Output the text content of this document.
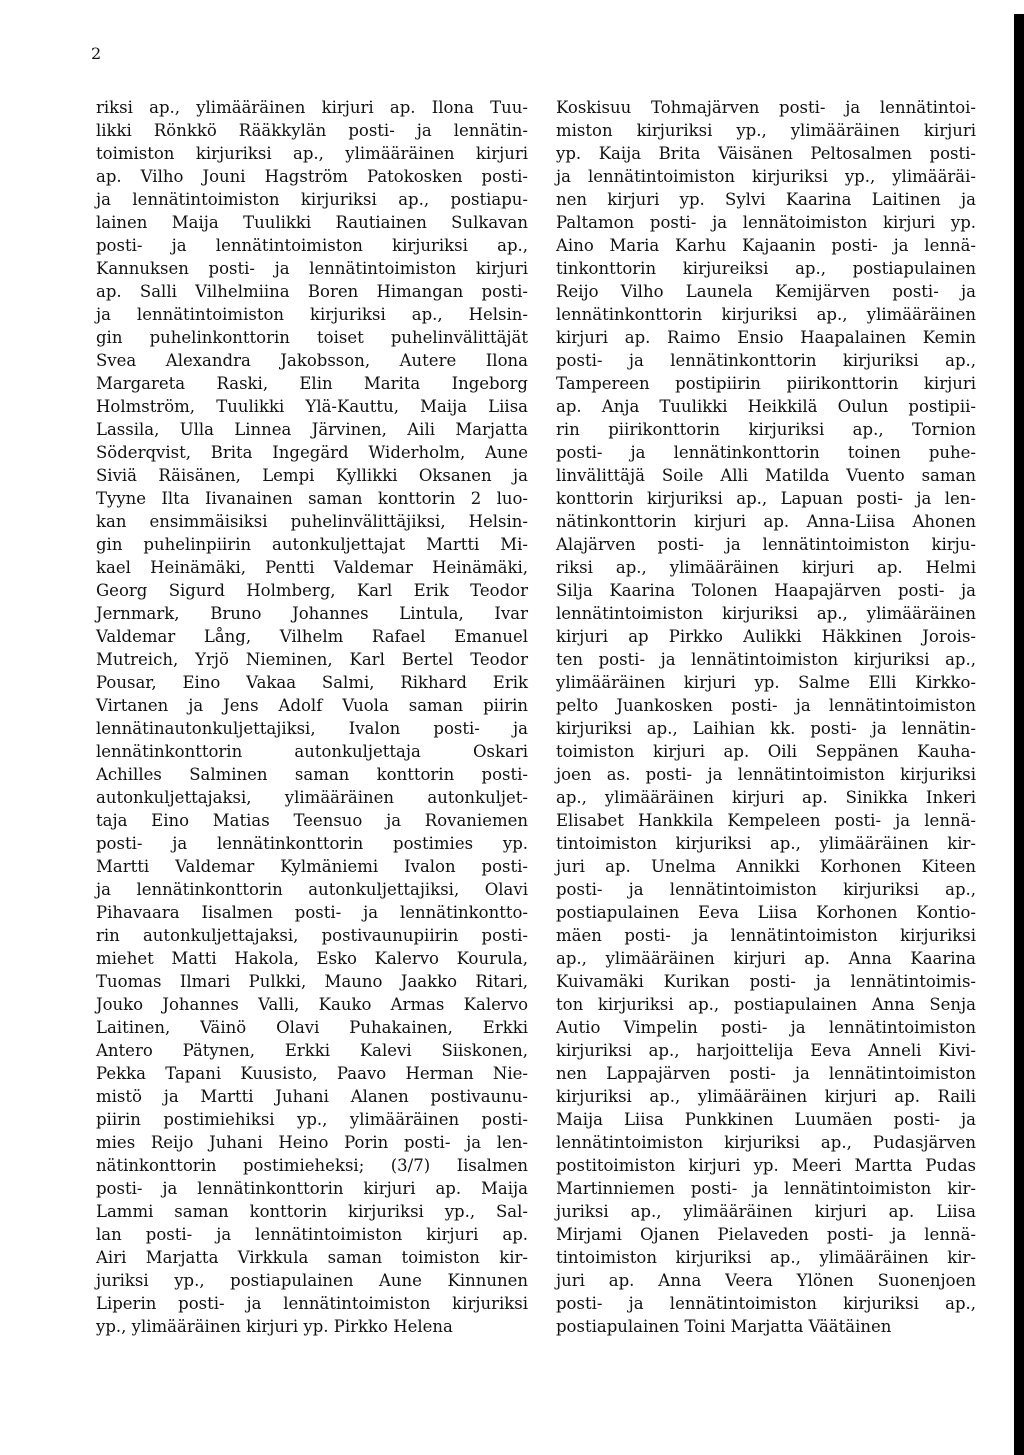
2
riksi ap., ylimääräinen kirjuri ap. Ilona Tuu-
likki Rönkkö Rääkkylän posti- ja lennätin-
toimiston kirjuriksi ap., ylimääräinen kirjuri
ap. Vilho Jouni Hagström Patokosken posti-
ja lennätintoimiston kirjuriksi ap., postiapu-
lainen Maija Tuulikki Rautiainen Sulkavan
posti- ja lennätintoimiston kirjuriksi ap.,
Kannuksen posti- ja lennätintoimiston kirjuri
ap. Salli Vilhelmiina Boren Himangan posti-
ja lennätintoimiston kirjuriksi ap., Helsin-
gin puhelinkonttorin toiset puhelinvälittäjät
Svea Alexandra Jakobsson, Autere Ilona
Margareta Raski, Elin Marita Ingeborg
Holmström, Tuulikki Ylä-Kauttu, Maija Liisa
Lassila, Ulla Linnea Järvinen, Aili Marjatta
Söderqvist, Brita Ingegärd Widerholm, Aune
Siviä Räisänen, Lempi Kyllikki Oksanen ja
Tyyne Ilta Iivanainen saman konttorin 2 luo-
kan ensimmäisiksi puhelinvälittäjiksi, Helsin-
gin puhelinpiirin autonkuljettajat Martti Mi-
kael Heinämäki, Pentti Valdemar Heinämäki,
Georg Sigurd Holmberg, Karl Erik Teodor
Jernmark, Bruno Johannes Lintula, Ivar
Valdemar Lång, Vilhelm Rafael Emanuel
Mutreich, Yrjö Nieminen, Karl Bertel Teodor
Pousar, Eino Vakaa Salmi, Rikhard Erik
Virtanen ja Jens Adolf Vuola saman piirin
lennätinautonkuljettajiksi, Ivalon posti- ja
lennätinkonttorin autonkuljettaja Oskari
Achilles Salminen saman konttorin posti-
autonkuljettajaksi, ylimääräinen autonkuljet-
taja Eino Matias Teensuo ja Rovaniemen
posti- ja lennätinkonttorin postimies yp.
Martti Valdemar Kylmäniemi Ivalon posti-
ja lennätinkonttorin autonkuljettajiksi, Olavi
Pihavaara Iisalmen posti- ja lennätinkontto-
rin autonkuljettajaksi, postivaunupiirin posti-
miehet Matti Hakola, Esko Kalervo Kourula,
Tuomas Ilmari Pulkki, Mauno Jaakko Ritari,
Jouko Johannes Valli, Kauko Armas Kalervo
Laitinen, Väinö Olavi Puhakainen, Erkki
Antero Pätynen, Erkki Kalevi Siiskonen,
Pekka Tapani Kuusisto, Paavo Herman Nie-
mistö ja Martti Juhani Alanen postivaunu-
piirin postimiehiksi yp., ylimääräinen posti-
mies Reijo Juhani Heino Porin posti- ja len-
nätinkonttorin postimieheksi; (3/7) Iisalmen
posti- ja lennätinkonttorin kirjuri ap. Maija
Lammi saman konttorin kirjuriksi yp., Sal-
lan posti- ja lennätintoimiston kirjuri ap.
Airi Marjatta Virkkula saman toimiston kir-
juriksi yp., postiapulainen Aune Kinnunen
Liperin posti- ja lennätintoimiston kirjuriksi
yp., ylimääräinen kirjuri yp. Pirkko Helena
Koskisuu Tohmajärven posti- ja lennätintoi-
miston kirjuriksi yp., ylimääräinen kirjuri
yp. Kaija Brita Väisänen Peltosalmen posti-
ja lennätintoimiston kirjuriksi yp., ylimääräi-
nen kirjuri yp. Sylvi Kaarina Laitinen ja
Paltamon posti- ja lennätoimiston kirjuri yp.
Aino Maria Karhu Kajaanin posti- ja lennä-
tinkonttorin kirjureiksi ap., postiapulainen
Reijo Vilho Launela Kemijärven posti- ja
lennätinkonttorin kirjuriksi ap., ylimääräinen
kirjuri ap. Raimo Ensio Haapalainen Kemin
posti- ja lennätinkonttorin kirjuriksi ap.,
Tampereen postipiirin piirikonttorin kirjuri
ap. Anja Tuulikki Heikkilä Oulun postipii-
rin piirikonttorin kirjuriksi ap., Tornion
posti- ja lennätinkonttorin toinen puhe-
linvälittäjä Soile Alli Matilda Vuento saman
konttorin kirjuriksi ap., Lapuan posti- ja len-
nätinkonttorin kirjuri ap. Anna-Liisa Ahonen
Alajärven posti- ja lennätintoimiston kirju-
riksi ap., ylimääräinen kirjuri ap. Helmi
Silja Kaarina Tolonen Haapajärven posti- ja
lennätintoimiston kirjuriksi ap., ylimääräinen
kirjuri ap Pirkko Aulikki Häkkinen Jorois-
ten posti- ja lennätintoimiston kirjuriksi ap.,
ylimääräinen kirjuri yp. Salme Elli Kirkko-
pelto Juankosken posti- ja lennätintoimiston
kirjuriksi ap., Laihian kk. posti- ja lennätin-
toimiston kirjuri ap. Oili Seppänen Kauha-
joen as. posti- ja lennätintoimiston kirjuriksi
ap., ylimääräinen kirjuri ap. Sinikka Inkeri
Elisabet Hankkila Kempeleen posti- ja lennä-
tintoimiston kirjuriksi ap., ylimääräinen kir-
juri ap. Unelma Annikki Korhonen Kiteen
posti- ja lennätintoimiston kirjuriksi ap.,
postiapulainen Eeva Liisa Korhonen Kontio-
mäen posti- ja lennätintoimiston kirjuriksi
ap., ylimääräinen kirjuri ap. Anna Kaarina
Kuivamäki Kurikan posti- ja lennätintoimis-
ton kirjuriksi ap., postiapulainen Anna Senja
Autio Vimpelin posti- ja lennätintoimiston
kirjuriksi ap., harjoittelija Eeva Anneli Kivi-
nen Lappajärven posti- ja lennätintoimiston
kirjuriksi ap., ylimääräinen kirjuri ap. Raili
Maija Liisa Punkkinen Luumäen posti- ja
lennätintoimiston kirjuriksi ap., Pudasjärven
postitoimiston kirjuri yp. Meeri Martta Pudas
Martinniemen posti- ja lennätintoimiston kir-
juriksi ap., ylimääräinen kirjuri ap. Liisa
Mirjami Ojanen Pielaveden posti- ja lennä-
tintoimiston kirjuriksi ap., ylimääräinen kir-
juri ap. Anna Veera Ylönen Suonenjoen
posti- ja lennätintoimiston kirjuriksi ap.,
postiapulainen Toini Marjatta Väätäinen
